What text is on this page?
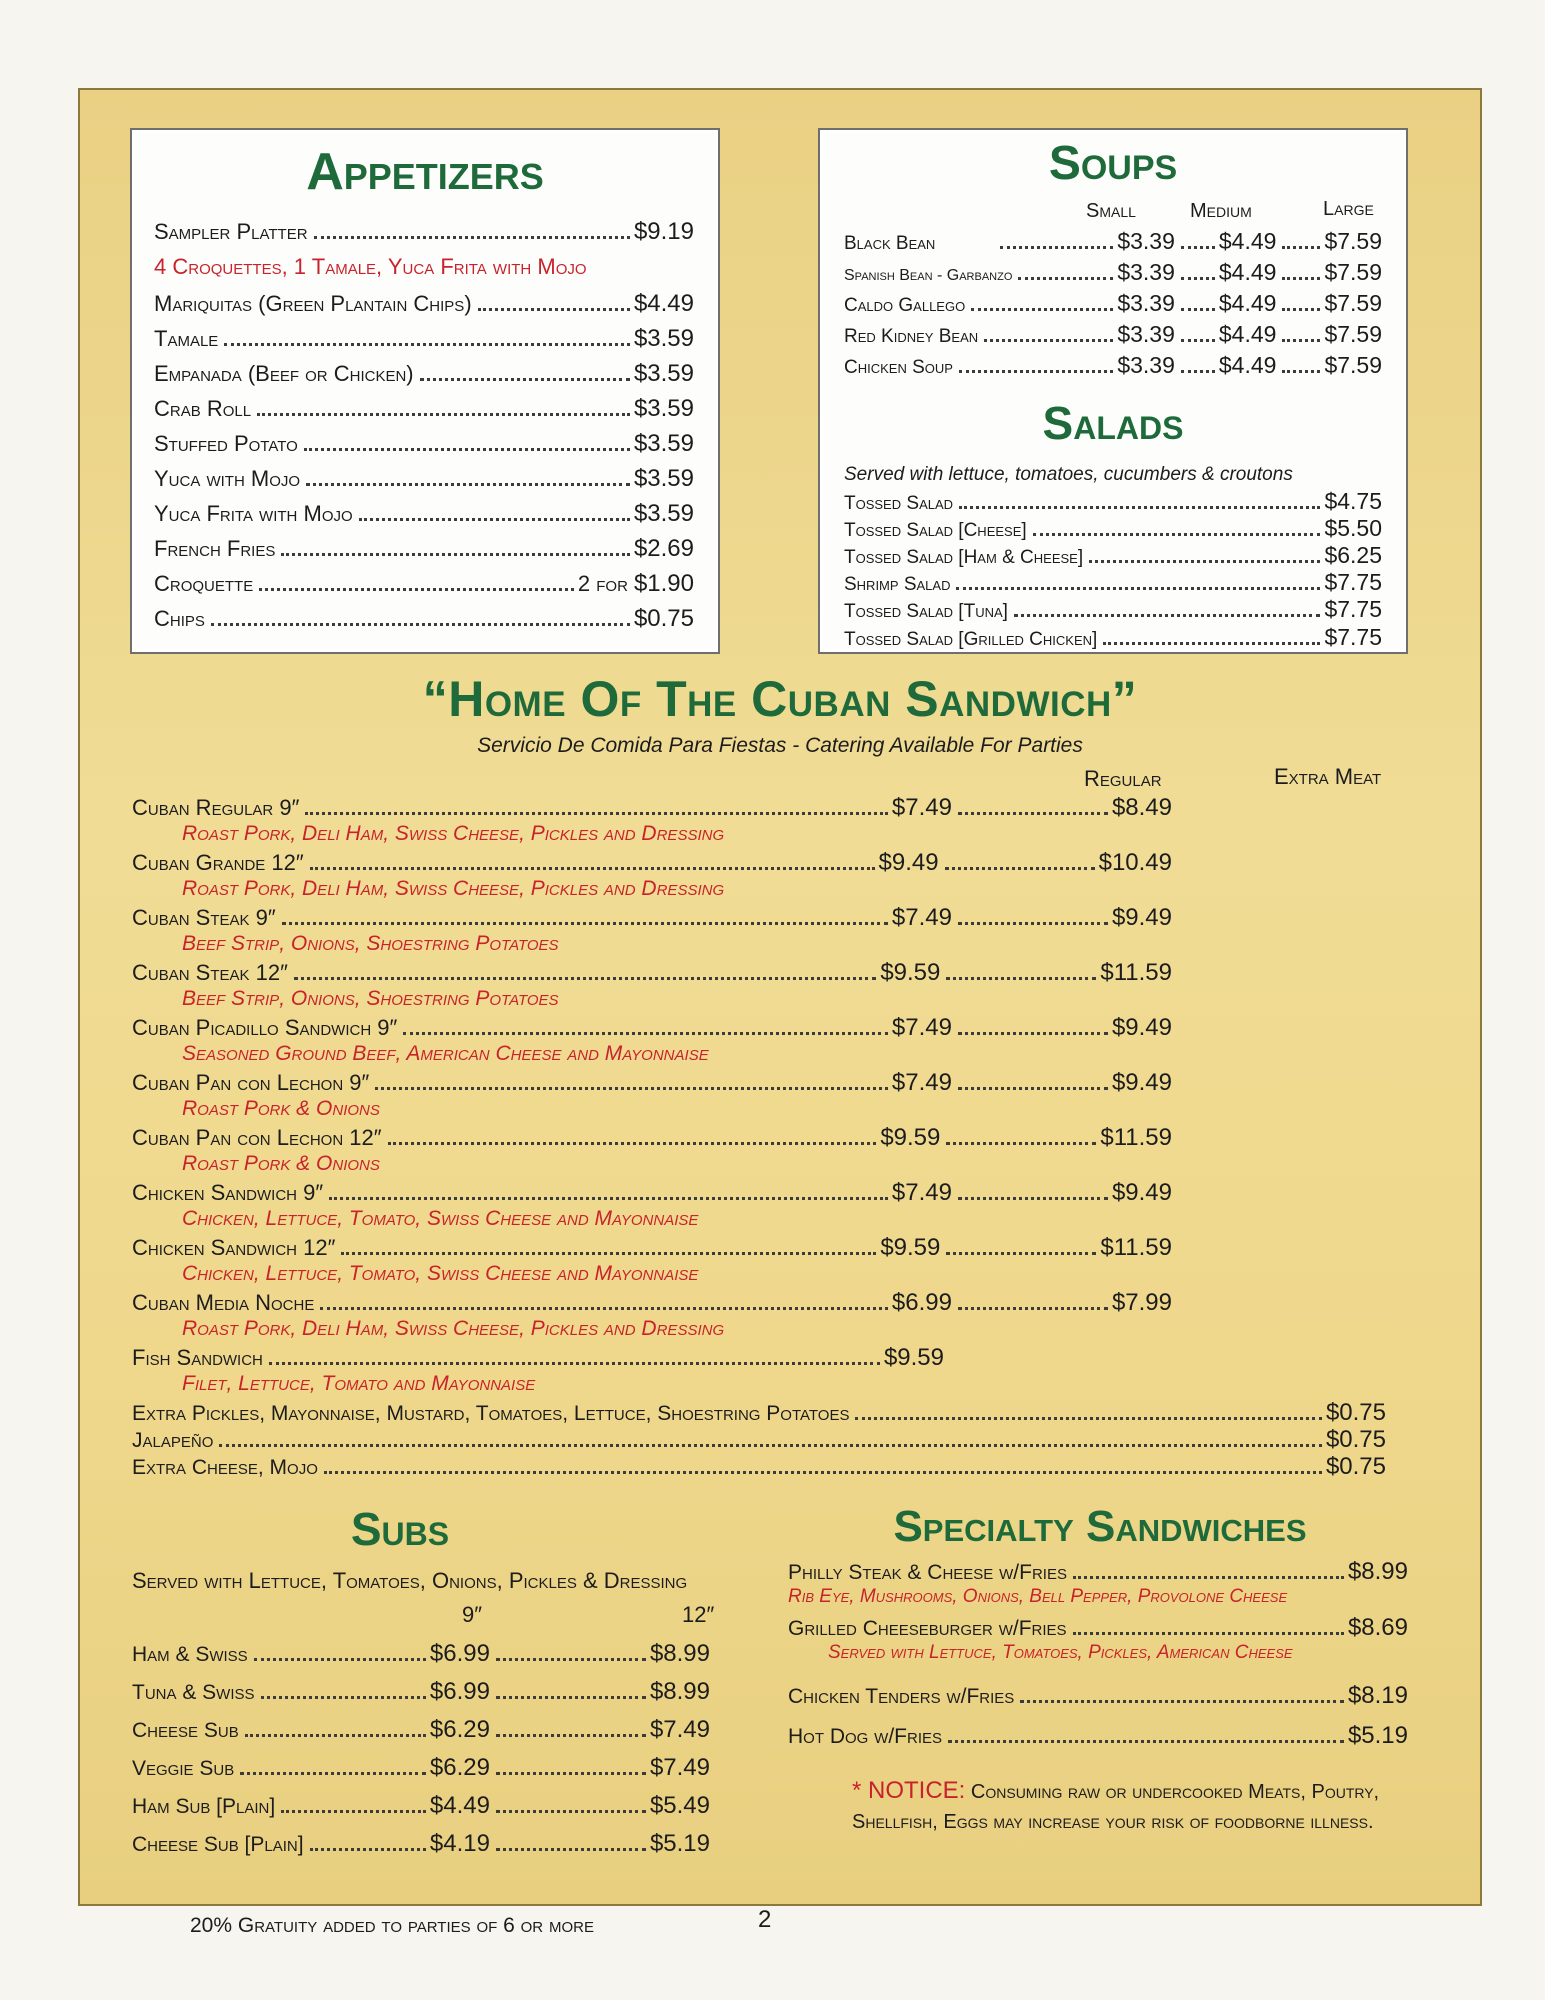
Appetizers
Sampler Platter	$9.19
4 Croquettes, 1 Tamale, Yuca Frita with Mojo
Mariquitas (Green Plantain Chips)	$4.49
Tamale	$3.59
Empanada (Beef or Chicken)	$3.59
Crab Roll	$3.59
Stuffed Potato	$3.59
Yuca with Mojo	$3.59
Yuca Frita with Mojo	$3.59
French Fries	$2.69
Croquette	2 for $1.90
Chips	$0.75
Soups
Small	Medium	Large
Black Bean	$3.39 $4.49 $7.59
Spanish Bean - Garbanzo	$3.39 $4.49 $7.59
Caldo Gallego	$3.39 $4.49 $7.59
Red Kidney Bean	$3.39 $4.49 $7.59
Chicken Soup	$3.39 $4.49 $7.59
Salads
Served with lettuce, tomatoes, cucumbers & croutons
Tossed Salad	$4.75
Tossed Salad [Cheese]	$5.50
Tossed Salad [Ham & Cheese]	$6.25
Shrimp Salad	$7.75
Tossed Salad [Tuna]	$7.75
Tossed Salad [Grilled Chicken]	$7.75
“Home Of The Cuban Sandwich”
Servicio De Comida Para Fiestas - Catering Available For Parties
Regular	Extra Meat
Subs
Served with Lettuce, Tomatoes, Onions, Pickles & Dressing
9″	12″
Specialty Sandwiches
* NOTICE: Consuming raw or undercooked Meats, Poutry, Shellfish, Eggs may increase your risk of foodborne illness.
Cuban Regular 9″	$7.49	$8.49
Roast Pork, Deli Ham, Swiss Cheese, Pickles and Dressing
Cuban Grande 12″	$9.49	$10.49
Roast Pork, Deli Ham, Swiss Cheese, Pickles and Dressing
Cuban Steak 9″	$7.49	$9.49
Beef Strip, Onions, Shoestring Potatoes
Cuban Steak 12″	$9.59	$11.59
Beef Strip, Onions, Shoestring Potatoes
Cuban Picadillo Sandwich 9″	$7.49	$9.49
Seasoned Ground Beef, American Cheese and Mayonnaise
Cuban Pan con Lechon 9″	$7.49	$9.49
Roast Pork & Onions
Cuban Pan con Lechon 12″	$9.59	$11.59
Roast Pork & Onions
Chicken Sandwich 9″	$7.49	$9.49
Chicken, Lettuce, Tomato, Swiss Cheese and Mayonnaise
Chicken Sandwich 12″	$9.59	$11.59
Chicken, Lettuce, Tomato, Swiss Cheese and Mayonnaise
Cuban Media Noche	$6.99	$7.99
Roast Pork, Deli Ham, Swiss Cheese, Pickles and Dressing
Fish Sandwich	$9.59
Filet, Lettuce, Tomato and Mayonnaise
Extra Pickles, Mayonnaise, Mustard, Tomatoes, Lettuce, Shoestring Potatoes	$0.75
Jalapeño	$0.75
Extra Cheese, Mojo	$0.75
Ham & Swiss	$6.99	$8.99
Tuna & Swiss	$6.99	$8.99
Cheese Sub	$6.29	$7.49
Veggie Sub	$6.29	$7.49
Ham Sub [Plain]	$4.49	$5.49
Cheese Sub [Plain]	$4.19	$5.19
Philly Steak & Cheese w/Fries	$8.99
Rib Eye, Mushrooms, Onions, Bell Pepper, Provolone Cheese
Grilled Cheeseburger w/Fries	$8.69
Served with Lettuce, Tomatoes, Pickles, American Cheese
Chicken Tenders w/Fries	$8.19
Hot Dog w/Fries	$5.19
20% Gratuity added to parties of 6 or more	2
